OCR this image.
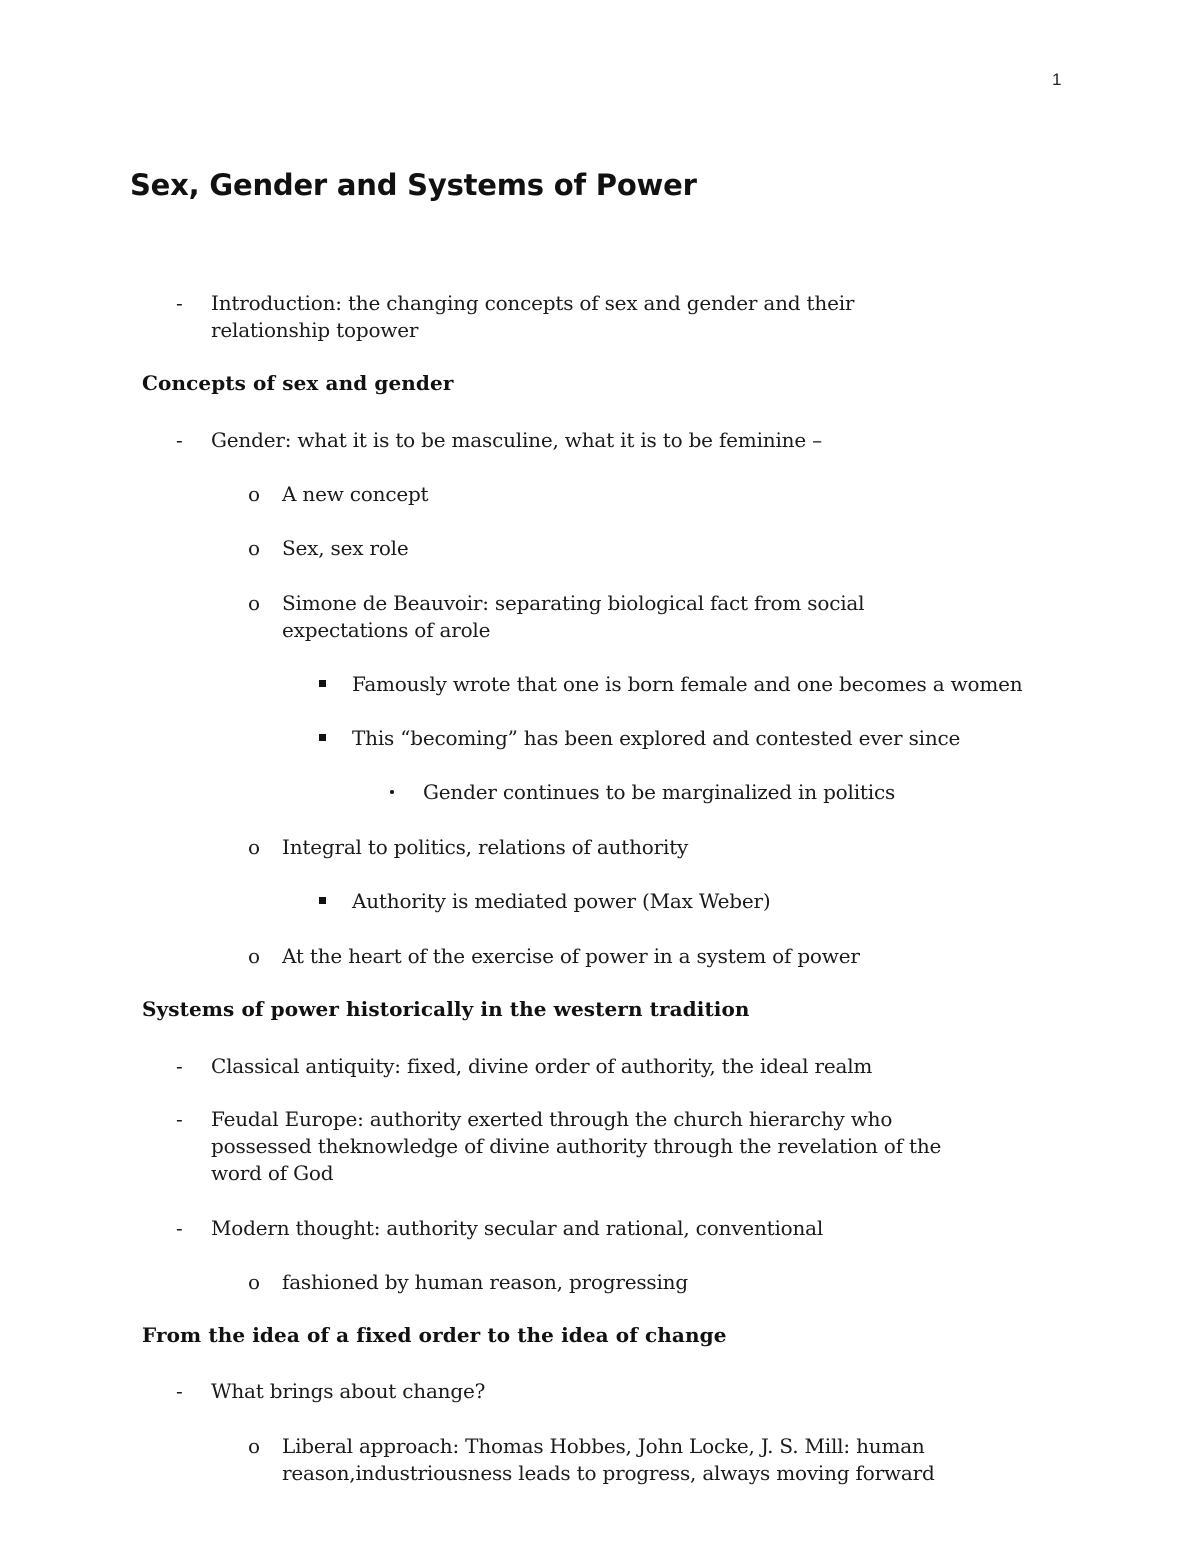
1
Sex, Gender and Systems of Power
- Introduction: the changing concepts of sex and gender and their
relationship topower
Concepts of sex and gender
- Gender: what it is to be masculine, what it is to be feminine –
o A new concept
o Sex, sex role
o Simone de Beauvoir: separating biological fact from social
expectations of arole
Famously wrote that one is born female and one becomes a women
This “becoming” has been explored and contested ever since
Gender continues to be marginalized in politics
o Integral to politics, relations of authority
Authority is mediated power (Max Weber)
o At the heart of the exercise of power in a system of power
Systems of power historically in the western tradition
- Classical antiquity: fixed, divine order of authority, the ideal realm
- Feudal Europe: authority exerted through the church hierarchy who
possessed theknowledge of divine authority through the revelation of the
word of God
- Modern thought: authority secular and rational, conventional
o fashioned by human reason, progressing
From the idea of a fixed order to the idea of change
- What brings about change?
o Liberal approach: Thomas Hobbes, John Locke, J. S. Mill: human
reason,industriousness leads to progress, always moving forward
